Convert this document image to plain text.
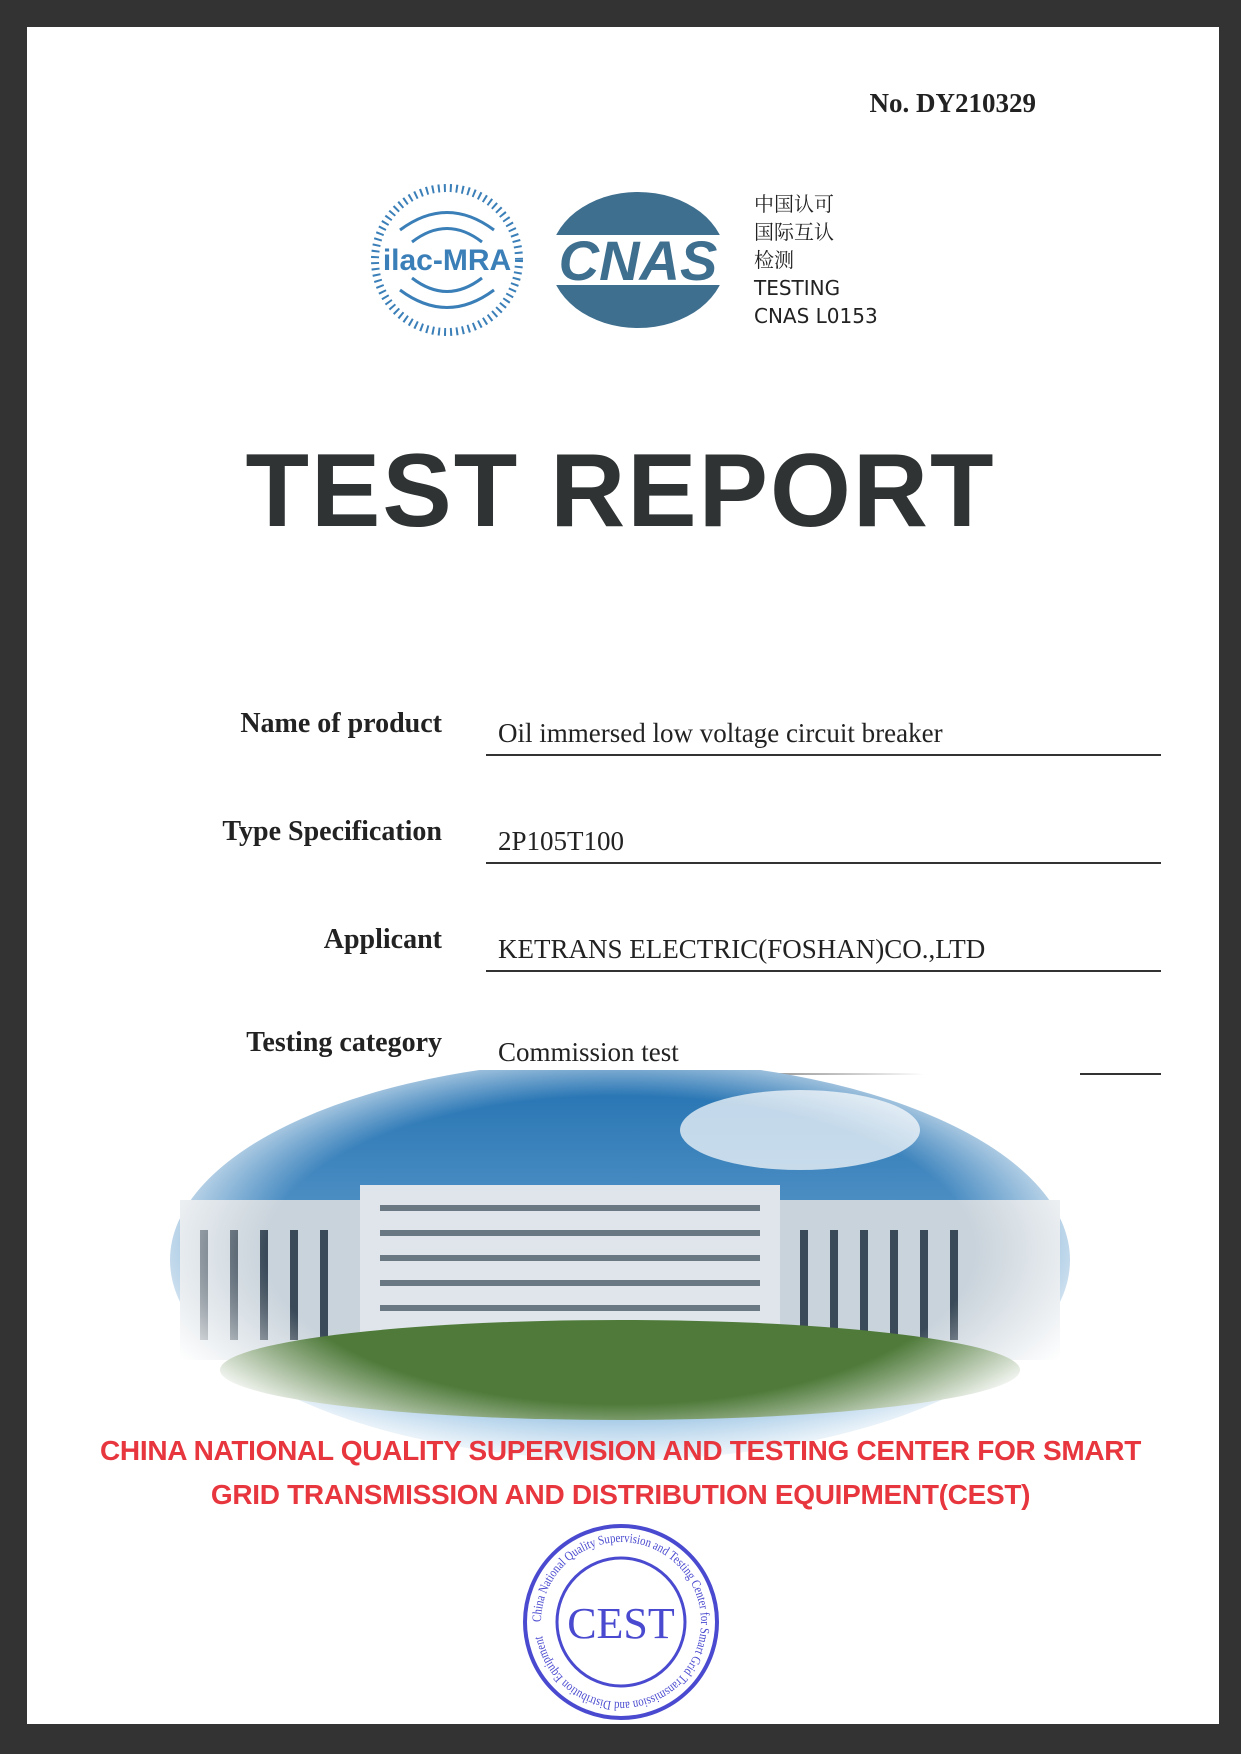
No. DY210329
ilac-MRA CNAS
中国认可
国际互认
检测
TESTING
CNAS L0153
TEST REPORT
Name of product	Oil immersed low voltage circuit breaker
Type Specification	2P105T100
Applicant	KETRANS ELECTRIC(FOSHAN)CO.,LTD
Testing category	Commission test
CHINA NATIONAL QUALITY SUPERVISION AND TESTING CENTER FOR SMART
GRID TRANSMISSION AND DISTRIBUTION EQUIPMENT(CEST)
China National Quality Supervision and Testing Center for Smart Grid Transmission and Distribution Equipment CEST
